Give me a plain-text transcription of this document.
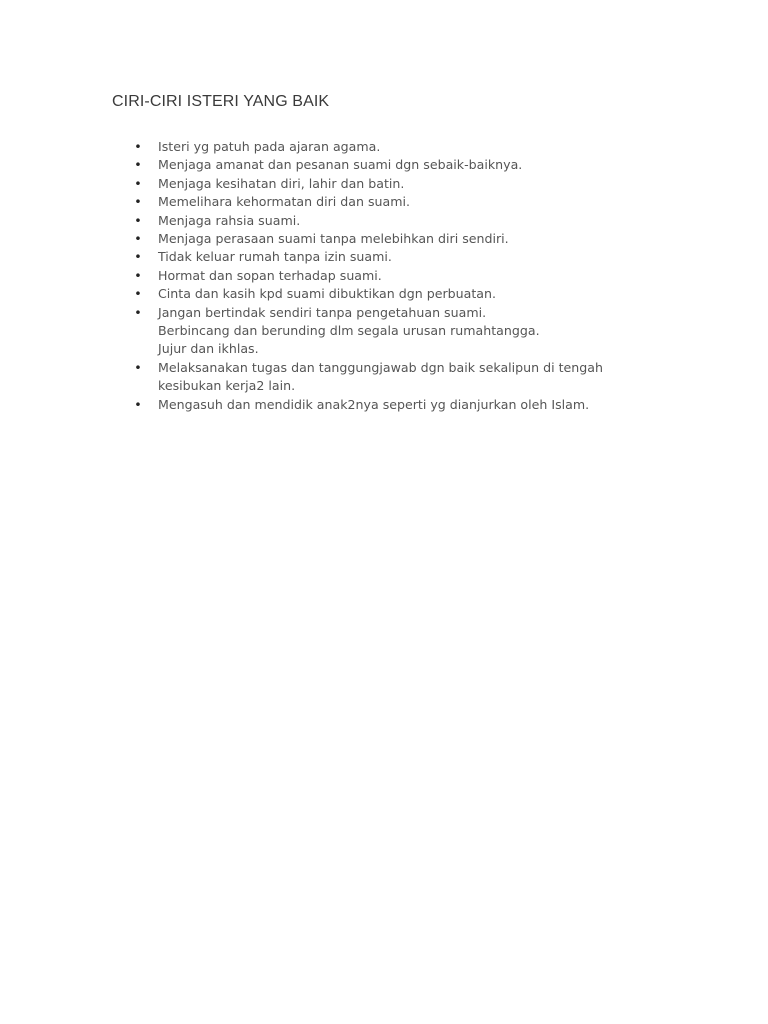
CIRI-CIRI ISTERI YANG BAIK
• Isteri yg patuh pada ajaran agama.
• Menjaga amanat dan pesanan suami dgn sebaik-baiknya.
• Menjaga kesihatan diri, lahir dan batin.
• Memelihara kehormatan diri dan suami.
• Menjaga rahsia suami.
• Menjaga perasaan suami tanpa melebihkan diri sendiri.
• Tidak keluar rumah tanpa izin suami.
• Hormat dan sopan terhadap suami.
• Cinta dan kasih kpd suami dibuktikan dgn perbuatan.
• Jangan bertindak sendiri tanpa pengetahuan suami.
Berbincang dan berunding dlm segala urusan rumahtangga.
Jujur dan ikhlas.
• Melaksanakan tugas dan tanggungjawab dgn baik sekalipun di tengah
kesibukan kerja2 lain.
• Mengasuh dan mendidik anak2nya seperti yg dianjurkan oleh Islam.
